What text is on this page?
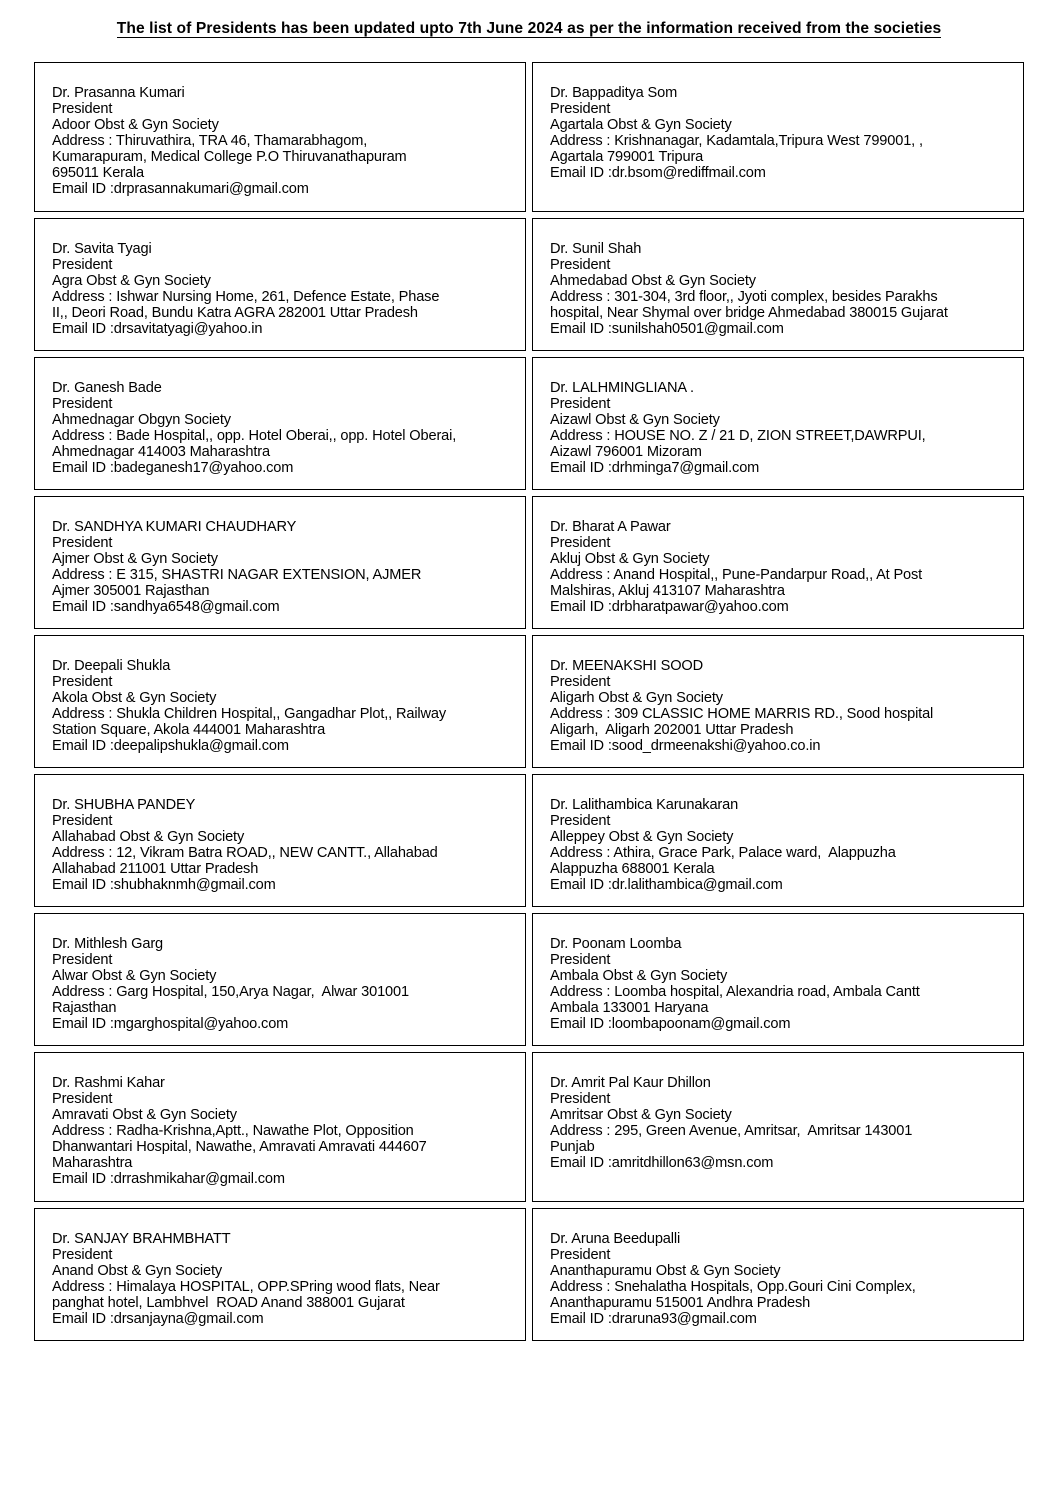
The list of Presidents has been updated upto 7th June 2024 as per the information received from the societies
Dr. Prasanna Kumari
President
Adoor Obst & Gyn Society
Address : Thiruvathira, TRA 46, Thamarabhagom,
Kumarapuram, Medical College P.O Thiruvanathapuram
695011 Kerala
Email ID :drprasannakumari@gmail.com
Dr. Bappaditya Som
President
Agartala Obst & Gyn Society
Address : Krishnanagar, Kadamtala,Tripura West 799001, ,
Agartala 799001 Tripura
Email ID :dr.bsom@rediffmail.com
Dr. Savita Tyagi
President
Agra Obst & Gyn Society
Address : Ishwar Nursing Home, 261, Defence Estate, Phase
II,, Deori Road, Bundu Katra AGRA 282001 Uttar Pradesh
Email ID :drsavitatyagi@yahoo.in
Dr. Sunil Shah
President
Ahmedabad Obst & Gyn Society
Address : 301-304, 3rd floor,, Jyoti complex, besides Parakhs
hospital, Near Shymal over bridge Ahmedabad 380015 Gujarat
Email ID :sunilshah0501@gmail.com
Dr. Ganesh Bade
President
Ahmednagar Obgyn Society
Address : Bade Hospital,, opp. Hotel Oberai,, opp. Hotel Oberai,
Ahmednagar 414003 Maharashtra
Email ID :badeganesh17@yahoo.com
Dr. LALHMINGLIANA .
President
Aizawl Obst & Gyn Society
Address : HOUSE NO. Z / 21 D, ZION STREET,DAWRPUI,
Aizawl 796001 Mizoram
Email ID :drhminga7@gmail.com
Dr. SANDHYA KUMARI CHAUDHARY
President
Ajmer Obst & Gyn Society
Address : E 315, SHASTRI NAGAR EXTENSION, AJMER
Ajmer 305001 Rajasthan
Email ID :sandhya6548@gmail.com
Dr. Bharat A Pawar
President
Akluj Obst & Gyn Society
Address : Anand Hospital,, Pune-Pandarpur Road,, At Post
Malshiras, Akluj 413107 Maharashtra
Email ID :drbharatpawar@yahoo.com
Dr. Deepali Shukla
President
Akola Obst & Gyn Society
Address : Shukla Children Hospital,, Gangadhar Plot,, Railway
Station Square, Akola 444001 Maharashtra
Email ID :deepalipshukla@gmail.com
Dr. MEENAKSHI SOOD
President
Aligarh Obst & Gyn Society
Address : 309 CLASSIC HOME MARRIS RD., Sood hospital
Aligarh,  Aligarh 202001 Uttar Pradesh
Email ID :sood_drmeenakshi@yahoo.co.in
Dr. SHUBHA PANDEY
President
Allahabad Obst & Gyn Society
Address : 12, Vikram Batra ROAD,, NEW CANTT., Allahabad
Allahabad 211001 Uttar Pradesh
Email ID :shubhaknmh@gmail.com
Dr. Lalithambica Karunakaran
President
Alleppey Obst & Gyn Society
Address : Athira, Grace Park, Palace ward,  Alappuzha
Alappuzha 688001 Kerala
Email ID :dr.lalithambica@gmail.com
Dr. Mithlesh Garg
President
Alwar Obst & Gyn Society
Address : Garg Hospital, 150,Arya Nagar,  Alwar 301001
Rajasthan
Email ID :mgarghospital@yahoo.com
Dr. Poonam Loomba
President
Ambala Obst & Gyn Society
Address : Loomba hospital, Alexandria road, Ambala Cantt
Ambala 133001 Haryana
Email ID :loombapoonam@gmail.com
Dr. Rashmi Kahar
President
Amravati Obst & Gyn Society
Address : Radha-Krishna,Aptt., Nawathe Plot, Opposition
Dhanwantari Hospital, Nawathe, Amravati Amravati 444607
Maharashtra
Email ID :drrashmikahar@gmail.com
Dr. Amrit Pal Kaur Dhillon
President
Amritsar Obst & Gyn Society
Address : 295, Green Avenue, Amritsar,  Amritsar 143001
Punjab
Email ID :amritdhillon63@msn.com
Dr. SANJAY BRAHMBHATT
President
Anand Obst & Gyn Society
Address : Himalaya HOSPITAL, OPP.SPring wood flats, Near
panghat hotel, Lambhvel  ROAD Anand 388001 Gujarat
Email ID :drsanjayna@gmail.com
Dr. Aruna Beedupalli
President
Ananthapuramu Obst & Gyn Society
Address : Snehalatha Hospitals, Opp.Gouri Cini Complex,
Ananthapuramu 515001 Andhra Pradesh
Email ID :draruna93@gmail.com
